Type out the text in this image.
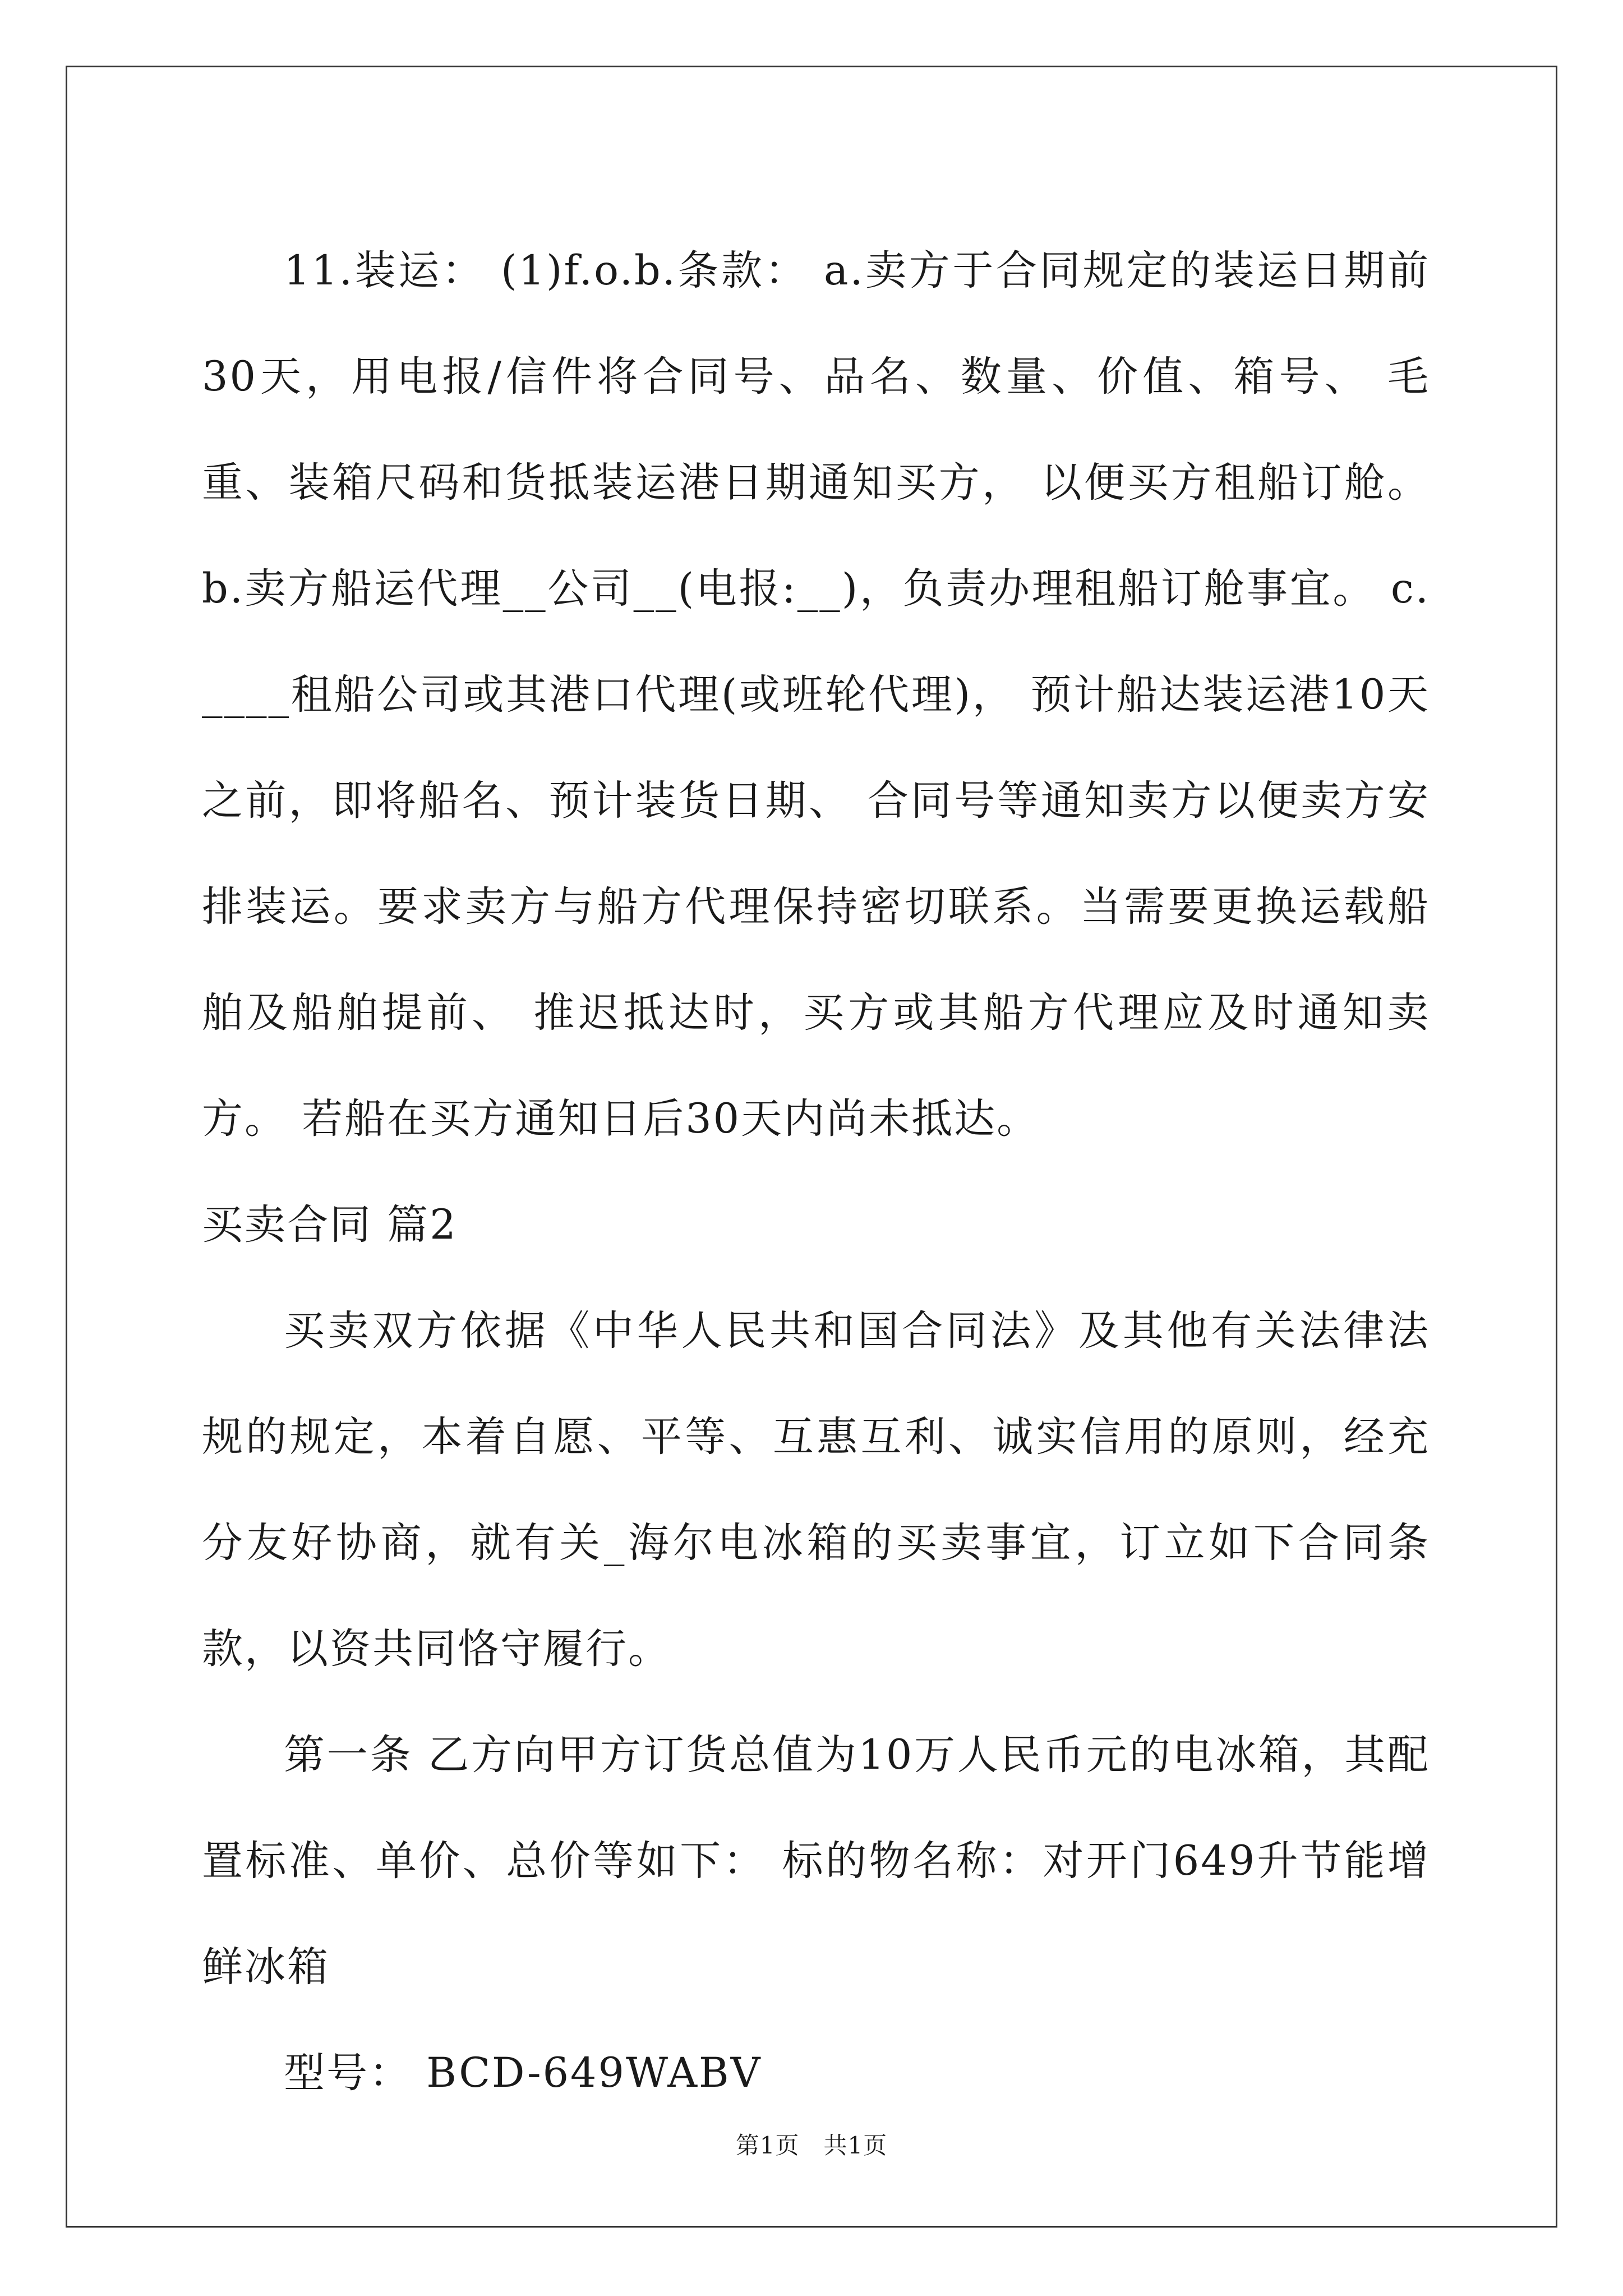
11.装运： (1)f.o.b.条款： a.卖方于合同规定的装运日期前30天，用电报/信件将合同号、品名、数量、价值、箱号、 毛重、装箱尺码和货抵装运港日期通知买方， 以便买方租船订舱。 b.卖方船运代理__公司__(电报:__)，负责办理租船订舱事宜。 c.____租船公司或其港口代理(或班轮代理)， 预计船达装运港10天之前，即将船名、预计装货日期、 合同号等通知卖方以便卖方安排装运。要求卖方与船方代理保持密切联系。当需要更换运载船舶及船舶提前、 推迟抵达时，买方或其船方代理应及时通知卖方。 若船在买方通知日后30天内尚未抵达。

买卖合同 篇2

买卖双方依据《中华人民共和国合同法》及其他有关法律法规的规定，本着自愿、平等、互惠互利、诚实信用的原则，经充分友好协商，就有关_海尔电冰箱的买卖事宜，订立如下合同条款，以资共同恪守履行。

第一条 乙方向甲方订货总值为10万人民币元的电冰箱，其配置标准、单价、总价等如下： 标的物名称：对开门649升节能增鲜冰箱

型号： BCD-649WABV

第1页　共1页
